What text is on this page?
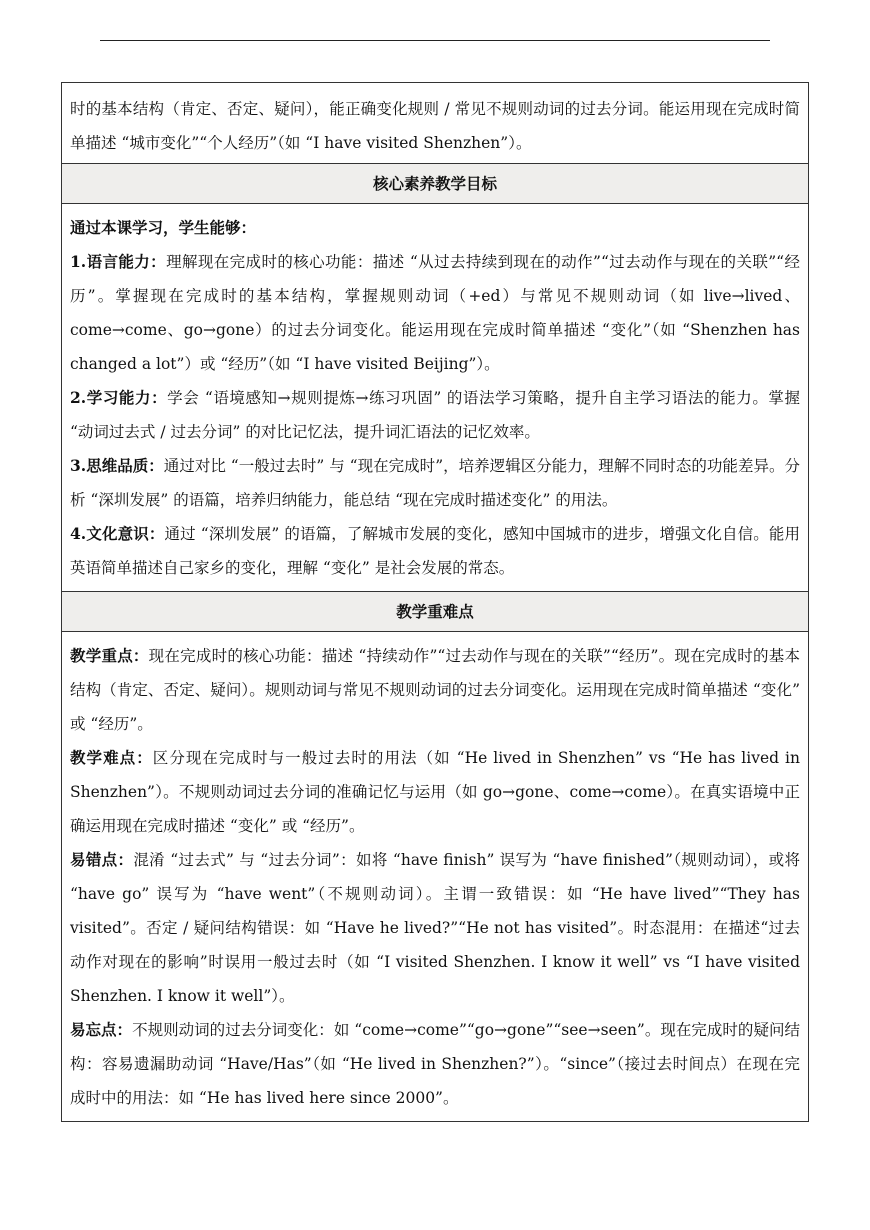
时的基本结构（肯定、否定、疑问），能正确变化规则 / 常见不规则动词的过去分词。能运用现在完成时简单描述 “城市变化”“个人经历”（如 “I have visited Shenzhen”）。

核心素养教学目标

通过本课学习，学生能够：

1.语言能力：理解现在完成时的核心功能：描述 “从过去持续到现在的动作”“过去动作与现在的关联”“经历”。掌握现在完成时的基本结构，掌握规则动词（+ed）与常见不规则动词（如 live→lived、come→come、go→gone）的过去分词变化。能运用现在完成时简单描述 “变化”（如 “Shenzhen has changed a lot”）或 “经历”（如 “I have visited Beijing”）。

2.学习能力：学会 “语境感知→规则提炼→练习巩固” 的语法学习策略，提升自主学习语法的能力。掌握 “动词过去式 / 过去分词” 的对比记忆法，提升词汇语法的记忆效率。

3.思维品质：通过对比 “一般过去时” 与 “现在完成时”，培养逻辑区分能力，理解不同时态的功能差异。分析 “深圳发展” 的语篇，培养归纳能力，能总结 “现在完成时描述变化” 的用法。

4.文化意识：通过 “深圳发展” 的语篇，了解城市发展的变化，感知中国城市的进步，增强文化自信。能用英语简单描述自己家乡的变化，理解 “变化” 是社会发展的常态。

教学重难点

教学重点：现在完成时的核心功能：描述 “持续动作”“过去动作与现在的关联”“经历”。现在完成时的基本结构（肯定、否定、疑问）。规则动词与常见不规则动词的过去分词变化。运用现在完成时简单描述 “变化” 或 “经历”。

教学难点：区分现在完成时与一般过去时的用法（如 “He lived in Shenzhen” vs “He has lived in Shenzhen”）。不规则动词过去分词的准确记忆与运用（如 go→gone、come→come）。在真实语境中正确运用现在完成时描述 “变化” 或 “经历”。

易错点：混淆 “过去式” 与 “过去分词”：如将 “have finish” 误写为 “have finished”（规则动词），或将 “have go” 误写为 “have went”（不规则动词）。主谓一致错误：如 “He have lived”“They has visited”。否定 / 疑问结构错误：如 “Have he lived?”“He not has visited”。时态混用：在描述“过去动作对现在的影响”时误用一般过去时（如 “I visited Shenzhen. I know it well” vs “I have visited Shenzhen. I know it well”）。

易忘点：不规则动词的过去分词变化：如 “come→come”“go→gone”“see→seen”。现在完成时的疑问结构：容易遗漏助动词 “Have/Has”（如 “He lived in Shenzhen?”）。“since”（接过去时间点）在现在完成时中的用法：如 “He has lived here since 2000”。
